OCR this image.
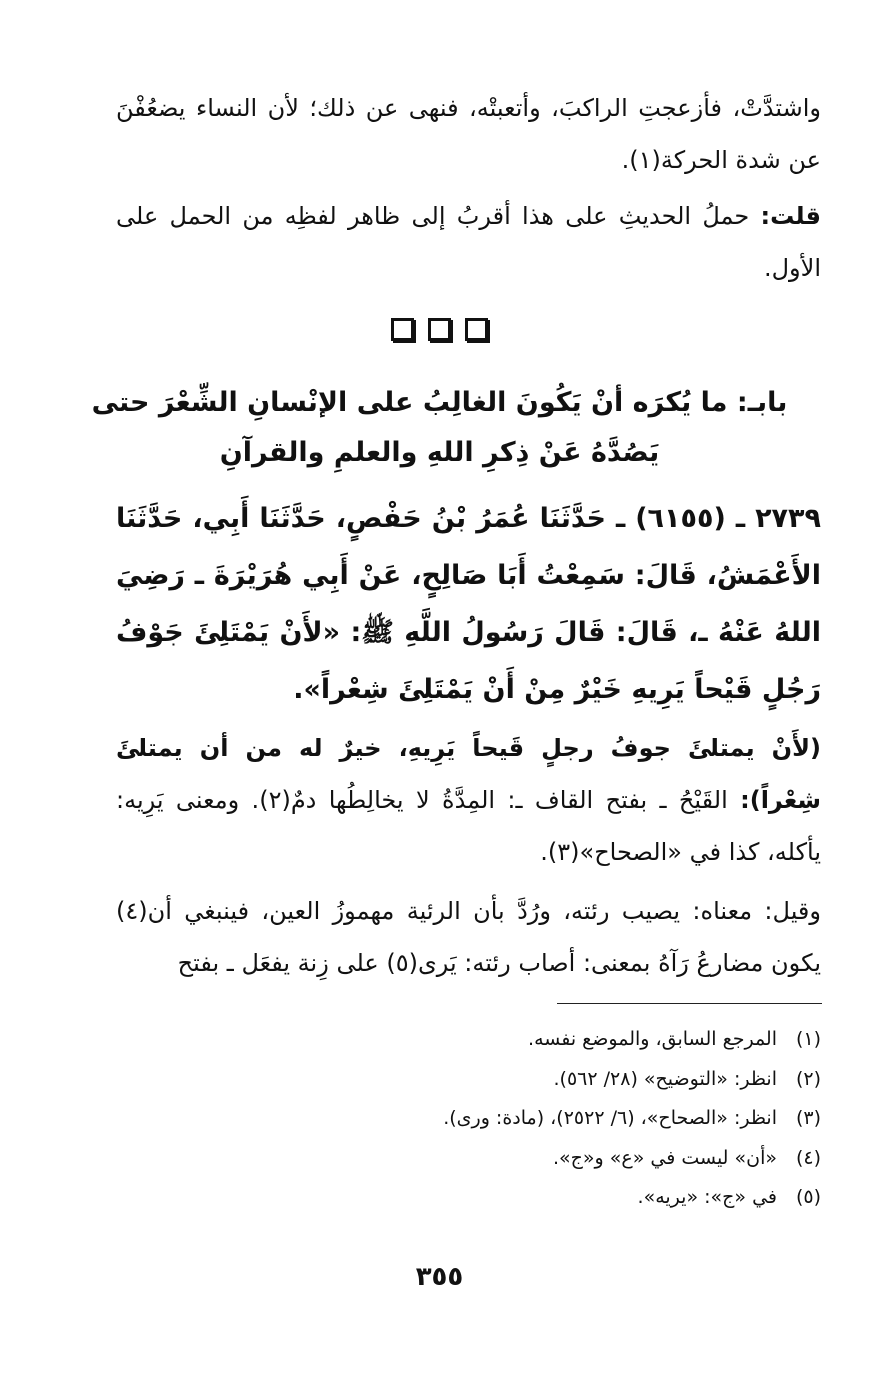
واشتدَّتْ، فأزعجتِ الراكبَ، وأتعبتْه، فنهى عن ذلك؛ لأن النساء يضعُفْنَ عن شدة الحركة(١).
قلت: حملُ الحديثِ على هذا أقربُ إلى ظاهر لفظِه من الحمل على الأول.
بابـ: ما يُكرَه أنْ يَكُونَ الغالِبُ على الإنْسانِ الشِّعْرَ حتى
يَصُدَّهُ عَنْ ذِكرِ اللهِ والعلمِ والقرآنِ
٢٧٣٩ ـ (٦١٥٥) ـ حَدَّثَنَا عُمَرُ بْنُ حَفْصٍ، حَدَّثَنَا أَبِي، حَدَّثَنَا الأَعْمَشُ، قَالَ: سَمِعْتُ أَبَا صَالِحٍ، عَنْ أَبِي هُرَيْرَةَ ـ رَضِيَ اللهُ عَنْهُ ـ، قَالَ: قَالَ رَسُولُ اللَّهِ ﷺ: «لأَنْ يَمْتَلِئَ جَوْفُ رَجُلٍ قَيْحاً يَرِيهِ خَيْرٌ مِنْ أَنْ يَمْتَلِئَ شِعْراً».
(لأَنْ يمتلئَ جوفُ رجلٍ قَيحاً يَرِيهِ، خيرٌ له من أن يمتلئَ شِعْراً): القَيْحُ ـ بفتح القاف ـ: المِدَّةُ لا يخالِطُها دمٌ(٢). ومعنى يَرِيه: يأكله، كذا في «الصحاح»(٣).
وقيل: معناه: يصيب رئته، ورُدَّ بأن الرئية مهموزُ العين، فينبغي أن(٤) يكون مضارعُ رَآهُ بمعنى: أصاب رئته: يَرى(٥) على زِنة يفعَل ـ بفتح
(١)المرجع السابق، والموضع نفسه.
(٢)انظر: «التوضيح» (٢٨/ ٥٦٢).
(٣)انظر: «الصحاح»، (٦/ ٢٥٢٢)، (مادة: ورى).
(٤)«أن» ليست في «ع» و«ج».
(٥)في «ج»: «يريه».
٣٥٥
